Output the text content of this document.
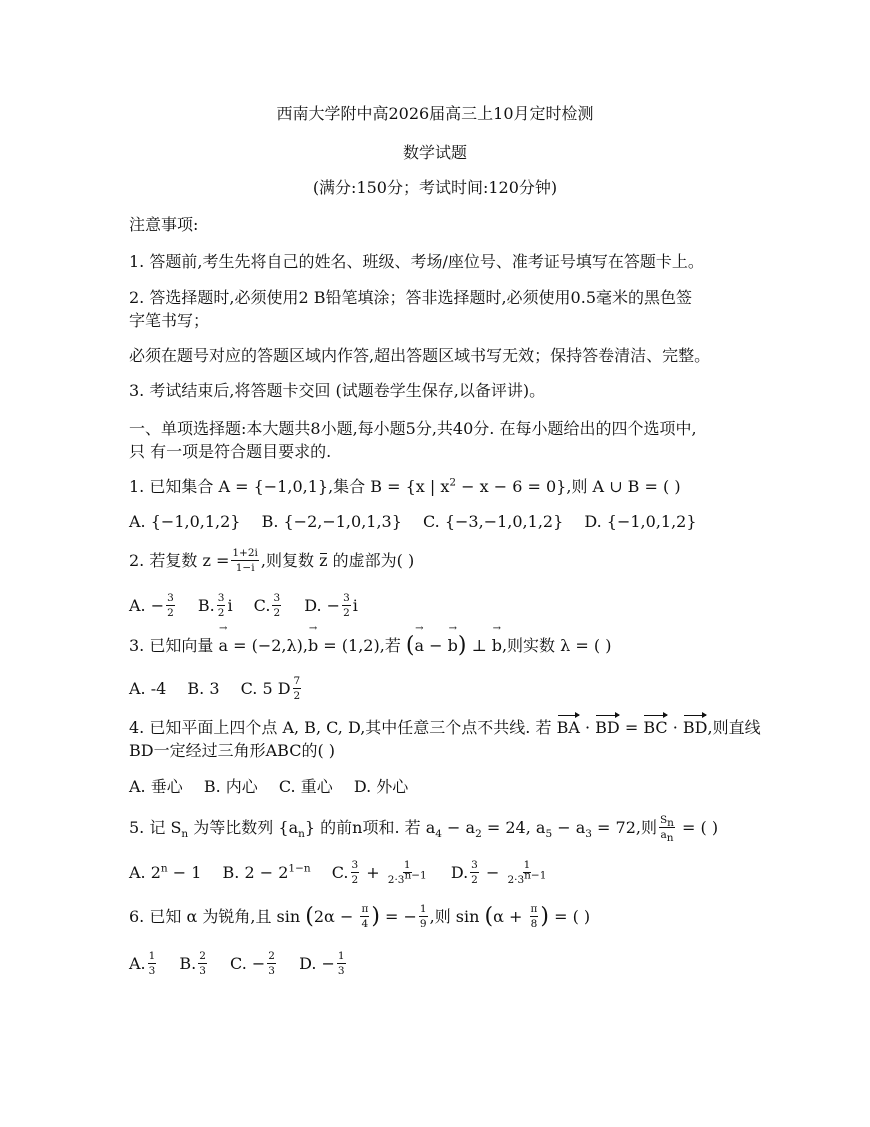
西南大学附中高2026届高三上10月定时检测
数学试题
(满分:150分；考试时间:120分钟)
注意事项:
1. 答题前,考生先将自己的姓名、班级、考场/座位号、准考证号填写在答题卡上。
2. 答选择题时,必须使用2 B铅笔填涂；答非选择题时,必须使用0.5毫米的黑色签
字笔书写；
必须在题号对应的答题区域内作答,超出答题区域书写无效；保持答卷清洁、完整。
3. 考试结束后,将答题卡交回 (试题卷学生保存,以备评讲)。
一、单项选择题:本大题共8小题,每小题5分,共40分. 在每小题给出的四个选项中,
只 有一项是符合题目要求的.
1. 已知集合 A = {−1,0,1},集合 B = {x | $x^2 - x - 6 = 0$},则 A ∪ B = ( )
A. {−1,0,1,2} B. {−2,−1,0,1,3} C. {−3,−1,0,1,2} D. {−1,0,1,2}
2. 若复数 $z = \frac{1+2i}{1-i}$ ,则复数 z 的虚部为( )
A. − $\frac{3}{2} B$. $\frac{3}{2}$ i C. $\frac{3}{2} D$. − $\frac{3}{2}$ i
3. 已知向量 → a = (−2,λ),→ b = (1,2),若 (→ a − → b) ⊥ → b,则实数 λ = ( )
A. -4 B. 3 C. 5 D $\frac{7}{2}$
4. 已知平面上四个点 A, B, C, D,其中任意三个点不共线. 若 BA · BD = BC · BD,则直线
BD一定经过三角形ABC的( )
A. 垂心 B. 内心 C. 重心 D. 外心
5. 记 $S_n$ 为等比数列 $\{a_n\}$ 的前n项和. 若 $a_4 - a_2 = 24$, $a_5 - a_3 = 72$,则 $\frac{S_n}{a_n}$ = ( )
A. $2^n - 1$ B. $2 - 2^{1-n}$ C. $\frac{3}{2} + \frac{1}{2\cdot 3^{n-1}} D$. $\frac{3}{2} - \frac{1}{2\cdot 3^{n-1}}$
6. 已知 α 为锐角,且 $\sin (2\alpha - \frac{\pi}{4}$ ) = − $\frac{1}{9}$ ,则 $\sin (\alpha + \frac{\pi}{8}$ ) = ( )
A. $\frac{1}{3} B$. $\frac{2}{3} C$. − $\frac{2}{3} D$. − $\frac{1}{3}$
